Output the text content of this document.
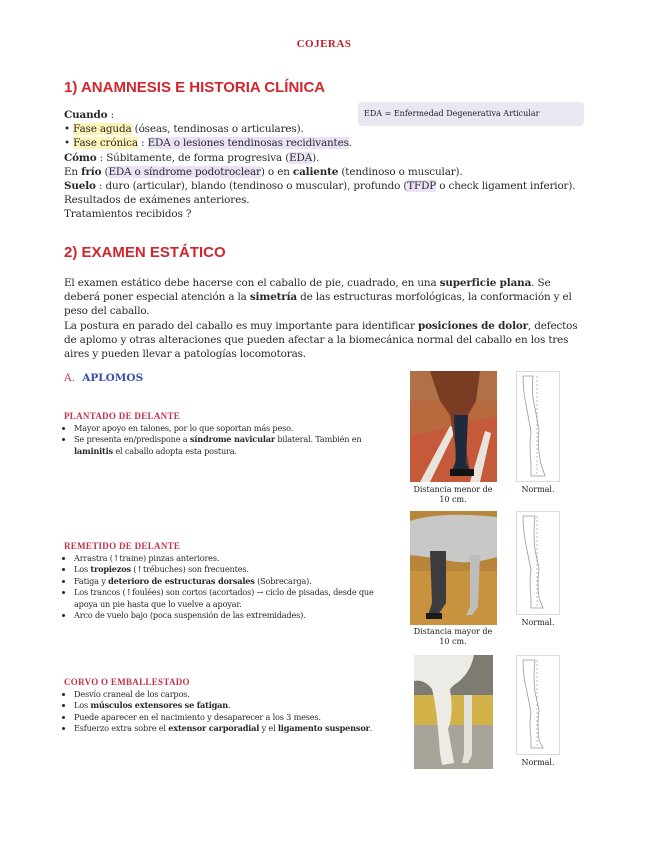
COJERAS
1) ANAMNESIS E HISTORIA CLÍNICA
EDA = Enfermedad Degenerativa Articular
Cuando :
• Fase aguda (óseas, tendinosas o articulares).
• Fase crónica : EDA o lesiones tendinosas recidivantes.
Cómo : Súbitamente, de forma progresiva (EDA).
En frío (EDA o síndrome podotroclear) o en caliente (tendinoso o muscular).
Suelo : duro (articular), blando (tendinoso o muscular), profundo (TFDP o check ligament inferior).
Resultados de exámenes anteriores.
Tratamientos recibidos ?
2) EXAMEN ESTÁTICO
El examen estático debe hacerse con el caballo de pie, cuadrado, en una superficie plana. Se deberá poner especial atención a la simetría de las estructuras morfológicas, la conformación y el peso del caballo.
La postura en parado del caballo es muy importante para identificar posiciones de dolor, defectos de aplomo y otras alteraciones que pueden afectar a la biomecánica normal del caballo en los tres aires y pueden llevar a patologías locomotoras.
A. APLOMOS
PLANTADO DE DELANTE
• Mayor apoyo en talones, por lo que soportan más peso.
• Se presenta en/predispone a síndrome navicular bilateral. También en laminitis el caballo adopta esta postura.
Distancia menor de 10 cm.
Normal.
REMETIDO DE DELANTE
• Arrastra (↑traine) pinzas anteriores.
• Los tropiezos (↑trébuches) son frecuentes.
• Fatiga y deterioro de estructuras dorsales (Sobrecarga).
• Los trancos (↑foulées) son cortos (acortados) → ciclo de pisadas, desde que apoya un pie hasta que lo vuelve a apoyar.
• Arco de vuelo bajo (poca suspensión de las extremidades).
Distancia mayor de 10 cm.
Normal.
CORVO O EMBALLESTADO
• Desvío craneal de los carpos.
• Los músculos extensores se fatigan.
• Puede aparecer en el nacimiento y desaparecer a los 3 meses.
• Esfuerzo extra sobre el extensor carporadial y el ligamento suspensor.
Normal.
